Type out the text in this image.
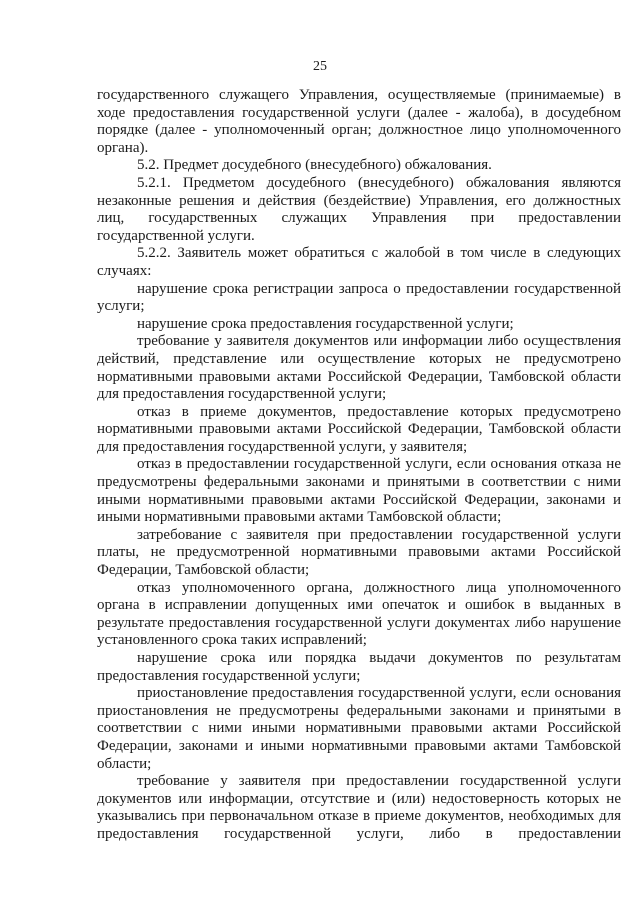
25

государственного служащего Управления, осуществляемые (принимаемые) в ходе предоставления государственной услуги (далее - жалоба), в досудебном порядке (далее - уполномоченный орган; должностное лицо уполномоченного органа).

5.2. Предмет досудебного (внесудебного) обжалования.

5.2.1. Предметом досудебного (внесудебного) обжалования являются незаконные решения и действия (бездействие) Управления, его должностных лиц, государственных служащих Управления при предоставлении государственной услуги.

5.2.2. Заявитель может обратиться с жалобой в том числе в следующих случаях:

нарушение срока регистрации запроса о предоставлении государственной услуги;

нарушение срока предоставления государственной услуги;

требование у заявителя документов или информации либо осуществления действий, представление или осуществление которых не предусмотрено нормативными правовыми актами Российской Федерации, Тамбовской области для предоставления государственной услуги;

отказ в приеме документов, предоставление которых предусмотрено нормативными правовыми актами Российской Федерации, Тамбовской области для предоставления государственной услуги, у заявителя;

отказ в предоставлении государственной услуги, если основания отказа не предусмотрены федеральными законами и принятыми в соответствии с ними иными нормативными правовыми актами Российской Федерации, законами и иными нормативными правовыми актами Тамбовской области;

затребование с заявителя при предоставлении государственной услуги платы, не предусмотренной нормативными правовыми актами Российской Федерации, Тамбовской области;

отказ уполномоченного органа, должностного лица уполномоченного органа в исправлении допущенных ими опечаток и ошибок в выданных в результате предоставления государственной услуги документах либо нарушение установленного срока таких исправлений;

нарушение срока или порядка выдачи документов по результатам предоставления государственной услуги;

приостановление предоставления государственной услуги, если основания приостановления не предусмотрены федеральными законами и принятыми в соответствии с ними иными нормативными правовыми актами Российской Федерации, законами и иными нормативными правовыми актами Тамбовской области;

требование у заявителя при предоставлении государственной услуги документов или информации, отсутствие и (или) недостоверность которых не указывались при первоначальном отказе в приеме документов, необходимых для предоставления государственной услуги, либо в предоставлении
